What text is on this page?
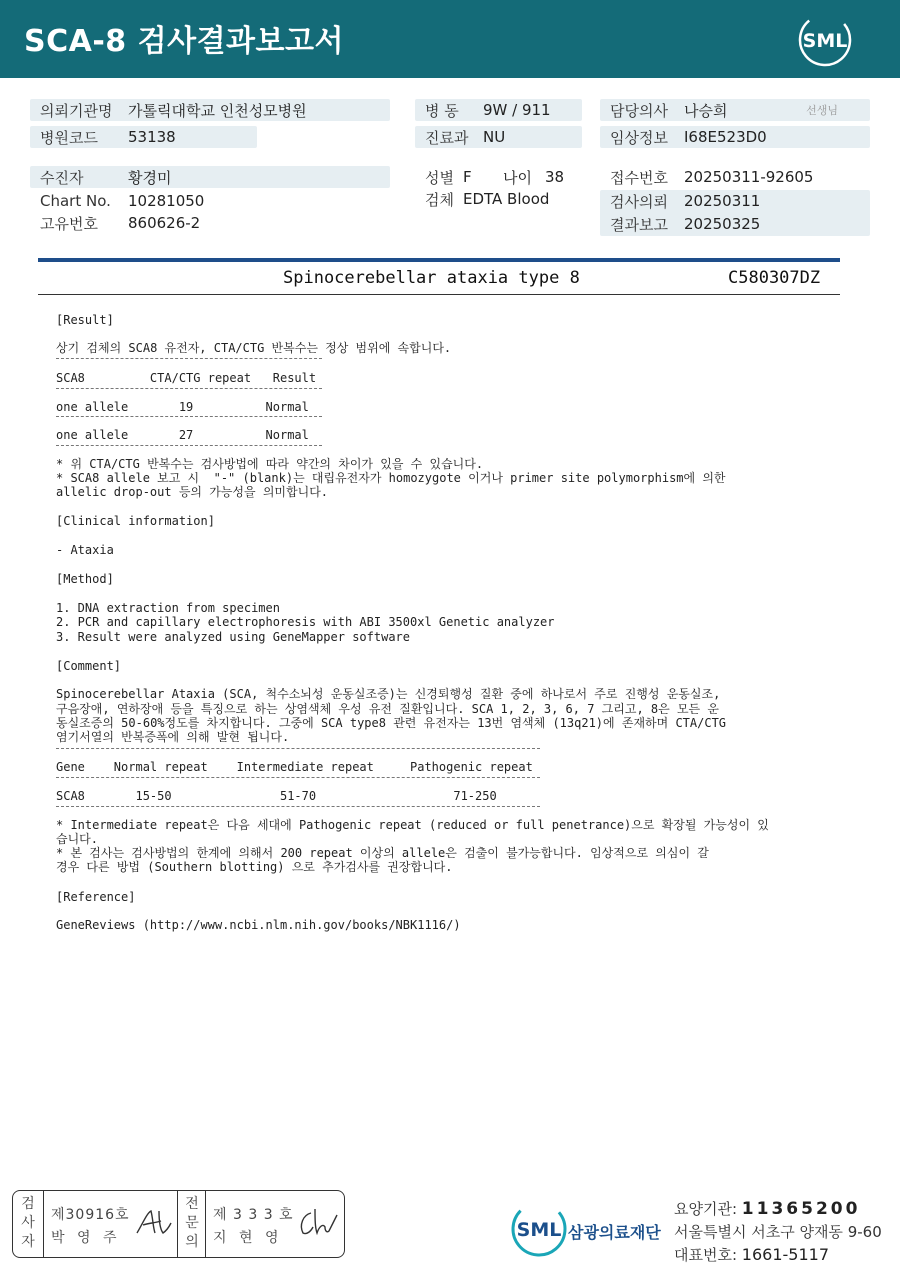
SCA-8 검사결과보고서	SML
의뢰기관명	가톨릭대학교 인천성모병원
병원코드	53138
병 동	9W / 911
진료과 NU
담당의사	나승희	선생님
임상정보	I68E523D0
수진자	황경미
Chart No.	10281050
고유번호	860626-2
성별 F	나이 38
검체 EDTA Blood
접수번호	20250311-92605
검사의뢰	20250311
결과보고	20250325
Spinocerebellar ataxia type 8	C580307DZ
[Result]
상기 검체의 SCA8 유전자, CTA/CTG 반복수는 정상 범위에 속합니다.
SCA8         CTA/CTG repeat   Result
one allele       19          Normal
one allele       27          Normal
* 위 CTA/CTG 반복수는 검사방법에 따라 약간의 차이가 있을 수 있습니다.
* SCA8 allele 보고 시  "-" (blank)는 대립유전자가 homozygote 이거나 primer site polymorphism에 의한
allelic drop-out 등의 가능성을 의미합니다.
[Clinical information]
- Ataxia
[Method]
1. DNA extraction from specimen
2. PCR and capillary electrophoresis with ABI 3500xl Genetic analyzer
3. Result were analyzed using GeneMapper software
[Comment]
Spinocerebellar Ataxia (SCA, 척수소뇌성 운동실조증)는 신경퇴행성 질환 중에 하나로서 주로 진행성 운동실조,
구음장애, 연하장애 등을 특징으로 하는 상염색체 우성 유전 질환입니다. SCA 1, 2, 3, 6, 7 그리고, 8은 모든 운
동실조증의 50-60%정도를 차지합니다. 그중에 SCA type8 관련 유전자는 13번 염색체 (13q21)에 존재하며 CTA/CTG
염기서열의 반복증폭에 의해 발현 됩니다.
Gene    Normal repeat    Intermediate repeat     Pathogenic repeat
SCA8       15-50               51-70                   71-250
* Intermediate repeat은 다음 세대에 Pathogenic repeat (reduced or full penetrance)으로 확장될 가능성이 있
습니다.
* 본 검사는 검사방법의 한계에 의해서 200 repeat 이상의 allele은 검출이 불가능합니다. 임상적으로 의심이 갈
경우 다른 방법 (Southern blotting) 으로 추가검사를 권장합니다.
[Reference]
GeneReviews (http://www.ncbi.nlm.nih.gov/books/NBK1116/)
검
사
자
제30916호
박 영 주
전
문
의
제 3 3 3 호
지 현 영	SML 삼광의료재단
요양기관: 11365200
서울특별시 서초구 양재동 9-60
대표번호: 1661-5117
